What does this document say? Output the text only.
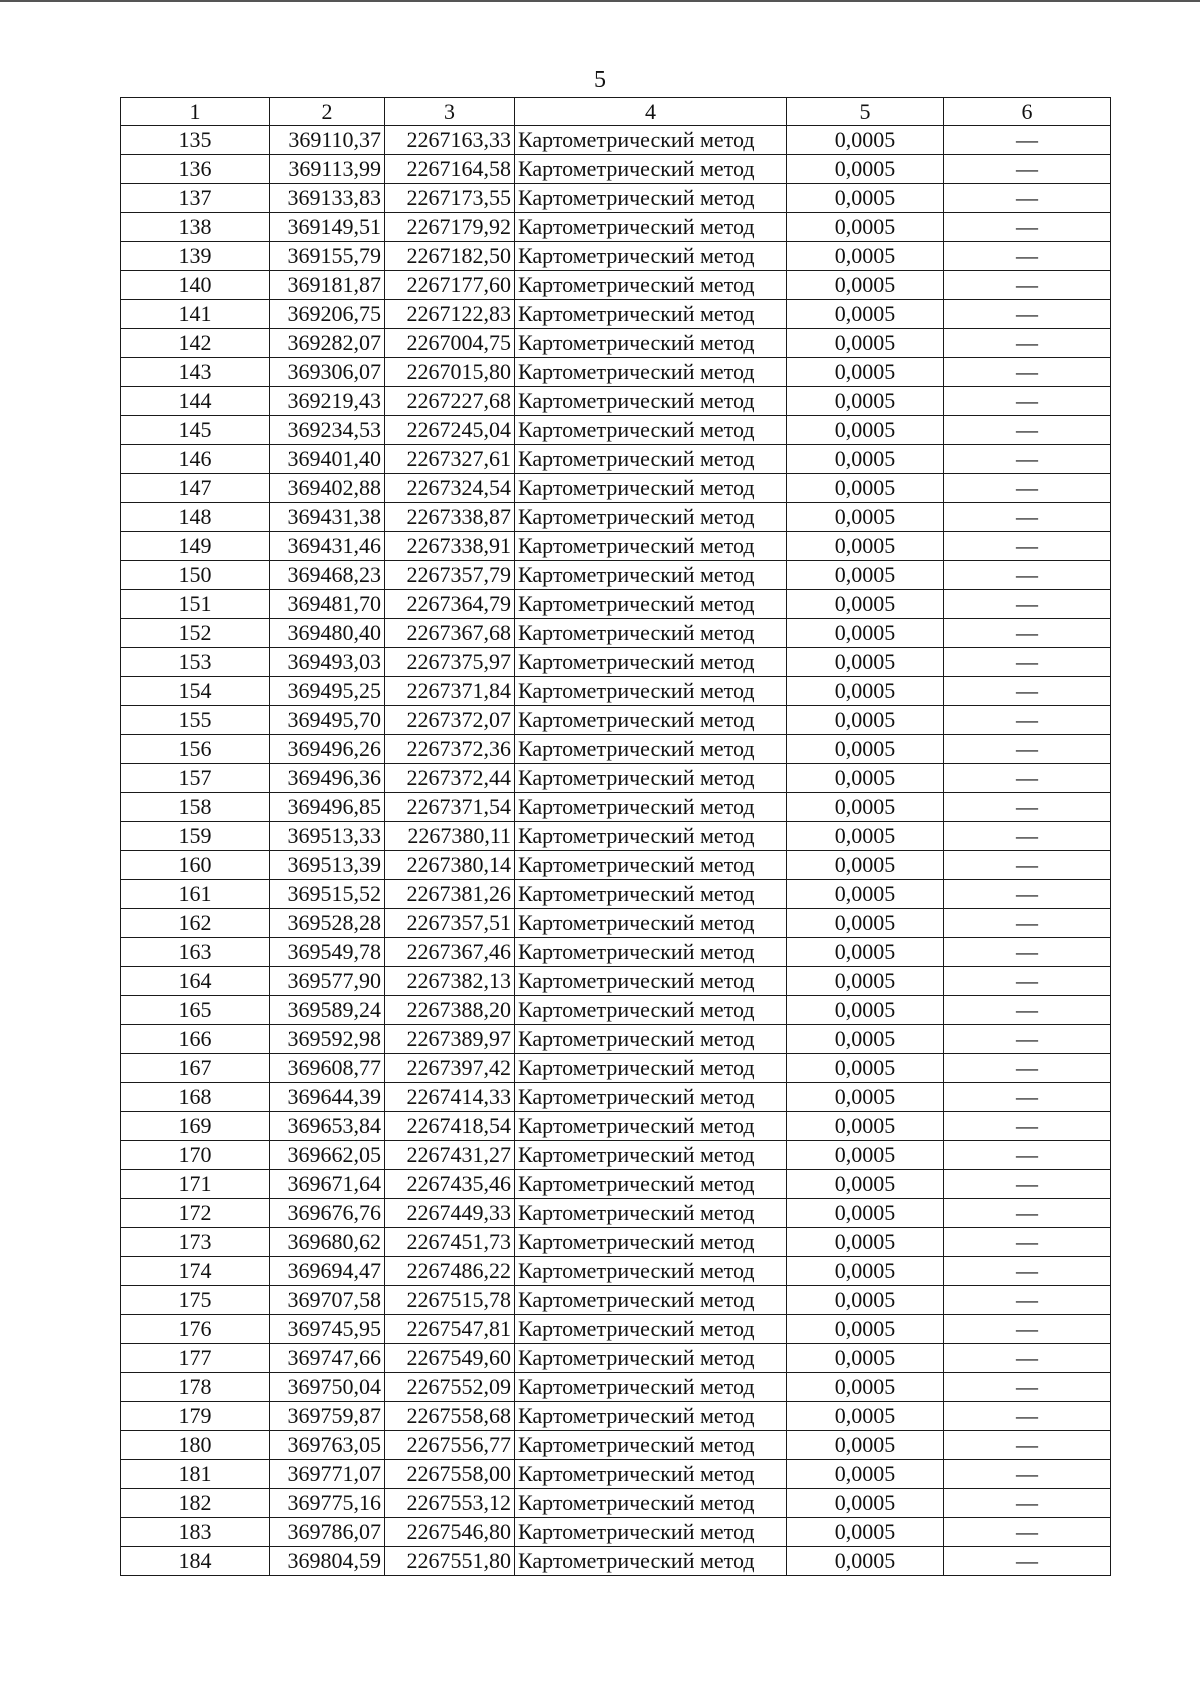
5
1	2	3	4	5	6
135	369110,37	2267163,33	Картометрический метод	0,0005	—
136	369113,99	2267164,58	Картометрический метод	0,0005	—
137	369133,83	2267173,55	Картометрический метод	0,0005	—
138	369149,51	2267179,92	Картометрический метод	0,0005	—
139	369155,79	2267182,50	Картометрический метод	0,0005	—
140	369181,87	2267177,60	Картометрический метод	0,0005	—
141	369206,75	2267122,83	Картометрический метод	0,0005	—
142	369282,07	2267004,75	Картометрический метод	0,0005	—
143	369306,07	2267015,80	Картометрический метод	0,0005	—
144	369219,43	2267227,68	Картометрический метод	0,0005	—
145	369234,53	2267245,04	Картометрический метод	0,0005	—
146	369401,40	2267327,61	Картометрический метод	0,0005	—
147	369402,88	2267324,54	Картометрический метод	0,0005	—
148	369431,38	2267338,87	Картометрический метод	0,0005	—
149	369431,46	2267338,91	Картометрический метод	0,0005	—
150	369468,23	2267357,79	Картометрический метод	0,0005	—
151	369481,70	2267364,79	Картометрический метод	0,0005	—
152	369480,40	2267367,68	Картометрический метод	0,0005	—
153	369493,03	2267375,97	Картометрический метод	0,0005	—
154	369495,25	2267371,84	Картометрический метод	0,0005	—
155	369495,70	2267372,07	Картометрический метод	0,0005	—
156	369496,26	2267372,36	Картометрический метод	0,0005	—
157	369496,36	2267372,44	Картометрический метод	0,0005	—
158	369496,85	2267371,54	Картометрический метод	0,0005	—
159	369513,33	2267380,11	Картометрический метод	0,0005	—
160	369513,39	2267380,14	Картометрический метод	0,0005	—
161	369515,52	2267381,26	Картометрический метод	0,0005	—
162	369528,28	2267357,51	Картометрический метод	0,0005	—
163	369549,78	2267367,46	Картометрический метод	0,0005	—
164	369577,90	2267382,13	Картометрический метод	0,0005	—
165	369589,24	2267388,20	Картометрический метод	0,0005	—
166	369592,98	2267389,97	Картометрический метод	0,0005	—
167	369608,77	2267397,42	Картометрический метод	0,0005	—
168	369644,39	2267414,33	Картометрический метод	0,0005	—
169	369653,84	2267418,54	Картометрический метод	0,0005	—
170	369662,05	2267431,27	Картометрический метод	0,0005	—
171	369671,64	2267435,46	Картометрический метод	0,0005	—
172	369676,76	2267449,33	Картометрический метод	0,0005	—
173	369680,62	2267451,73	Картометрический метод	0,0005	—
174	369694,47	2267486,22	Картометрический метод	0,0005	—
175	369707,58	2267515,78	Картометрический метод	0,0005	—
176	369745,95	2267547,81	Картометрический метод	0,0005	—
177	369747,66	2267549,60	Картометрический метод	0,0005	—
178	369750,04	2267552,09	Картометрический метод	0,0005	—
179	369759,87	2267558,68	Картометрический метод	0,0005	—
180	369763,05	2267556,77	Картометрический метод	0,0005	—
181	369771,07	2267558,00	Картометрический метод	0,0005	—
182	369775,16	2267553,12	Картометрический метод	0,0005	—
183	369786,07	2267546,80	Картометрический метод	0,0005	—
184	369804,59	2267551,80	Картометрический метод	0,0005	—
